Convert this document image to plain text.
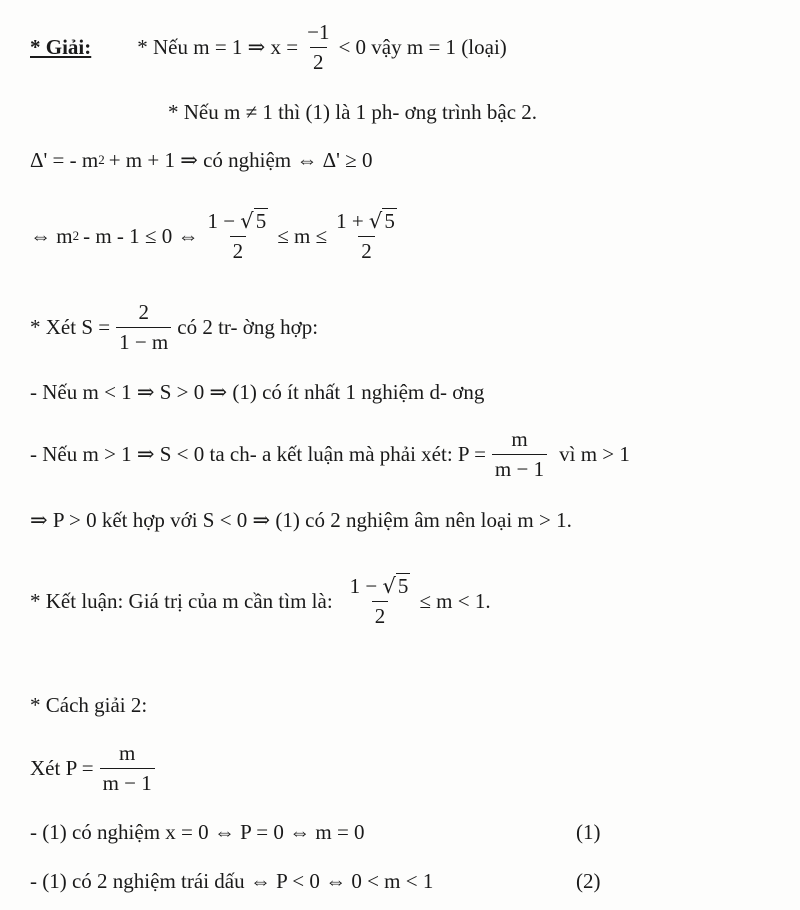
* Giải: * Nếu m = 1 ⇒ $x = \frac{-1}{2} < 0$ vậy m = 1 (loại)
* Nếu m ≠ 1 thì (1) là 1 ph- ơng trình bậc 2.
Δ' = - m 2 + m + 1 ⇒ có nghiệm ⇔ Δ' ≥ 0
⇔ m 2 - m - 1 ≤ 0 ⇔ $\frac{1 - √5}{2} \le m \le \frac{1 + √5}{2}$
* Xét $S = \frac{2}{1 - m}$ có 2 tr- ờng hợp:
- Nếu m < 1 ⇒ S > 0 ⇒ (1) có ít nhất 1 nghiệm d- ơng
- Nếu m > 1 ⇒ S < 0 ta ch- a kết luận mà phải xét: $P = \frac{m}{m - 1}$ vì m > 1
⇒ P > 0 kết hợp với S < 0 ⇒ (1) có 2 nghiệm âm nên loại m > 1.
* Kết luận: Giá trị của m cần tìm là: $\frac{1 - √5}{2} \le m < 1$.
* Cách giải 2:
Xét $P = \frac{m}{m - 1}$
- (1) có nghiệm x = 0 ⇔ P = 0 ⇔ m = 0	(1)
- (1) có 2 nghiệm trái dấu ⇔ P < 0 ⇔ 0 < m < 1	(2)
